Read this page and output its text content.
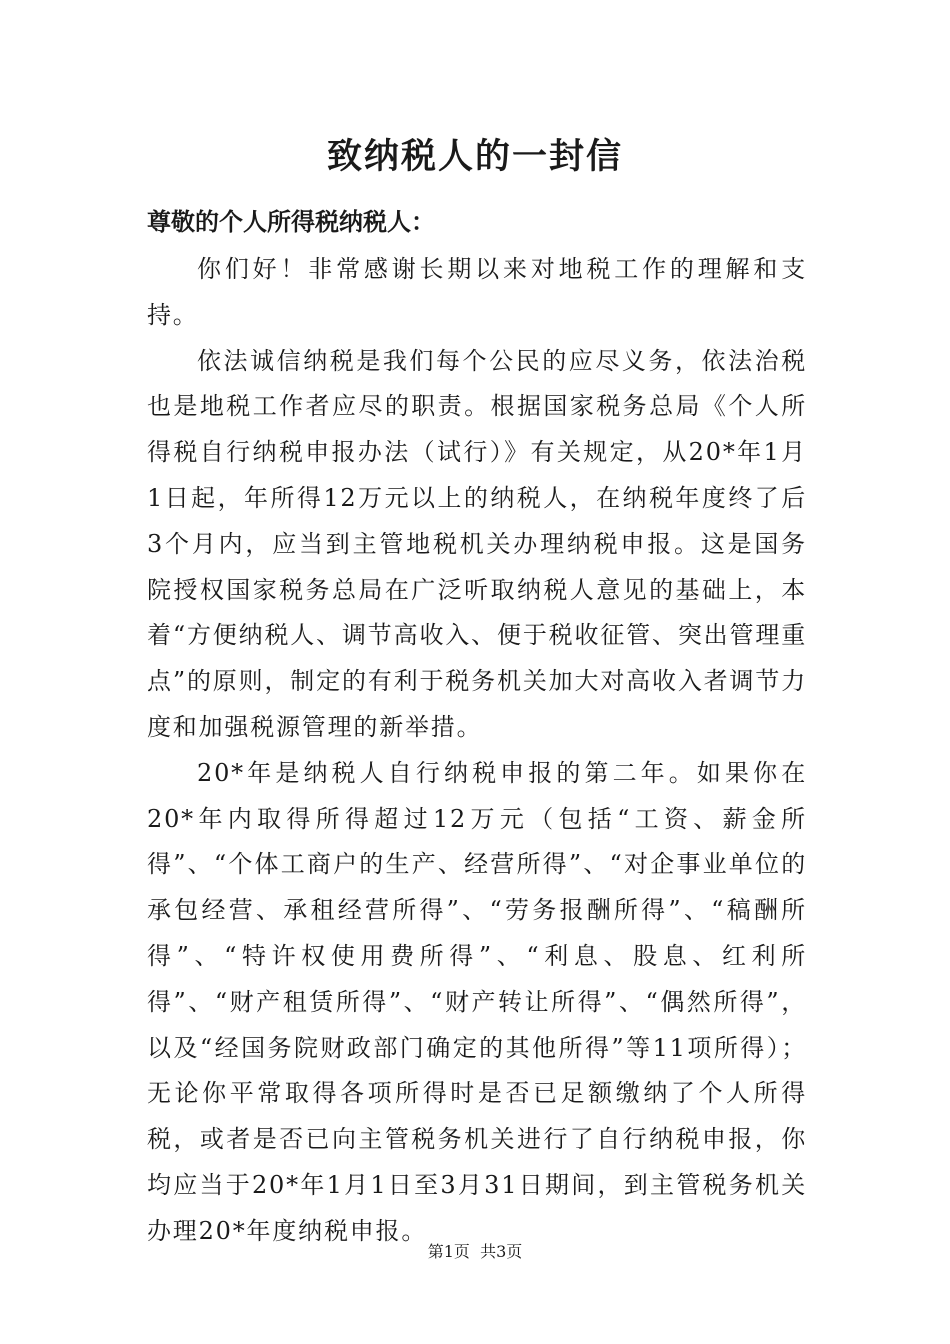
致纳税人的一封信
尊敬的个人所得税纳税人：

你们好！非常感谢长期以来对地税工作的理解和支持。

依法诚信纳税是我们每个公民的应尽义务，依法治税也是地税工作者应尽的职责。根据国家税务总局《个人所得税自行纳税申报办法（试行）》有关规定，从20*年1月1日起，年所得12万元以上的纳税人，在纳税年度终了后3个月内，应当到主管地税机关办理纳税申报。这是国务院授权国家税务总局在广泛听取纳税人意见的基础上，本着“方便纳税人、调节高收入、便于税收征管、突出管理重点”的原则，制定的有利于税务机关加大对高收入者调节力度和加强税源管理的新举措。

20*年是纳税人自行纳税申报的第二年。如果你在20*年内取得所得超过12万元（包括“工资、薪金所得”、“个体工商户的生产、经营所得”、“对企事业单位的承包经营、承租经营所得”、“劳务报酬所得”、“稿酬所得”、“特许权使用费所得”、“利息、股息、红利所得”、“财产租赁所得”、“财产转让所得”、“偶然所得”，以及“经国务院财政部门确定的其他所得”等11项所得）；无论你平常取得各项所得时是否已足额缴纳了个人所得税，或者是否已向主管税务机关进行了自行纳税申报，你均应当于20*年1月1日至3月31日期间，到主管税务机关办理20*年度纳税申报。

第1页  共3页
